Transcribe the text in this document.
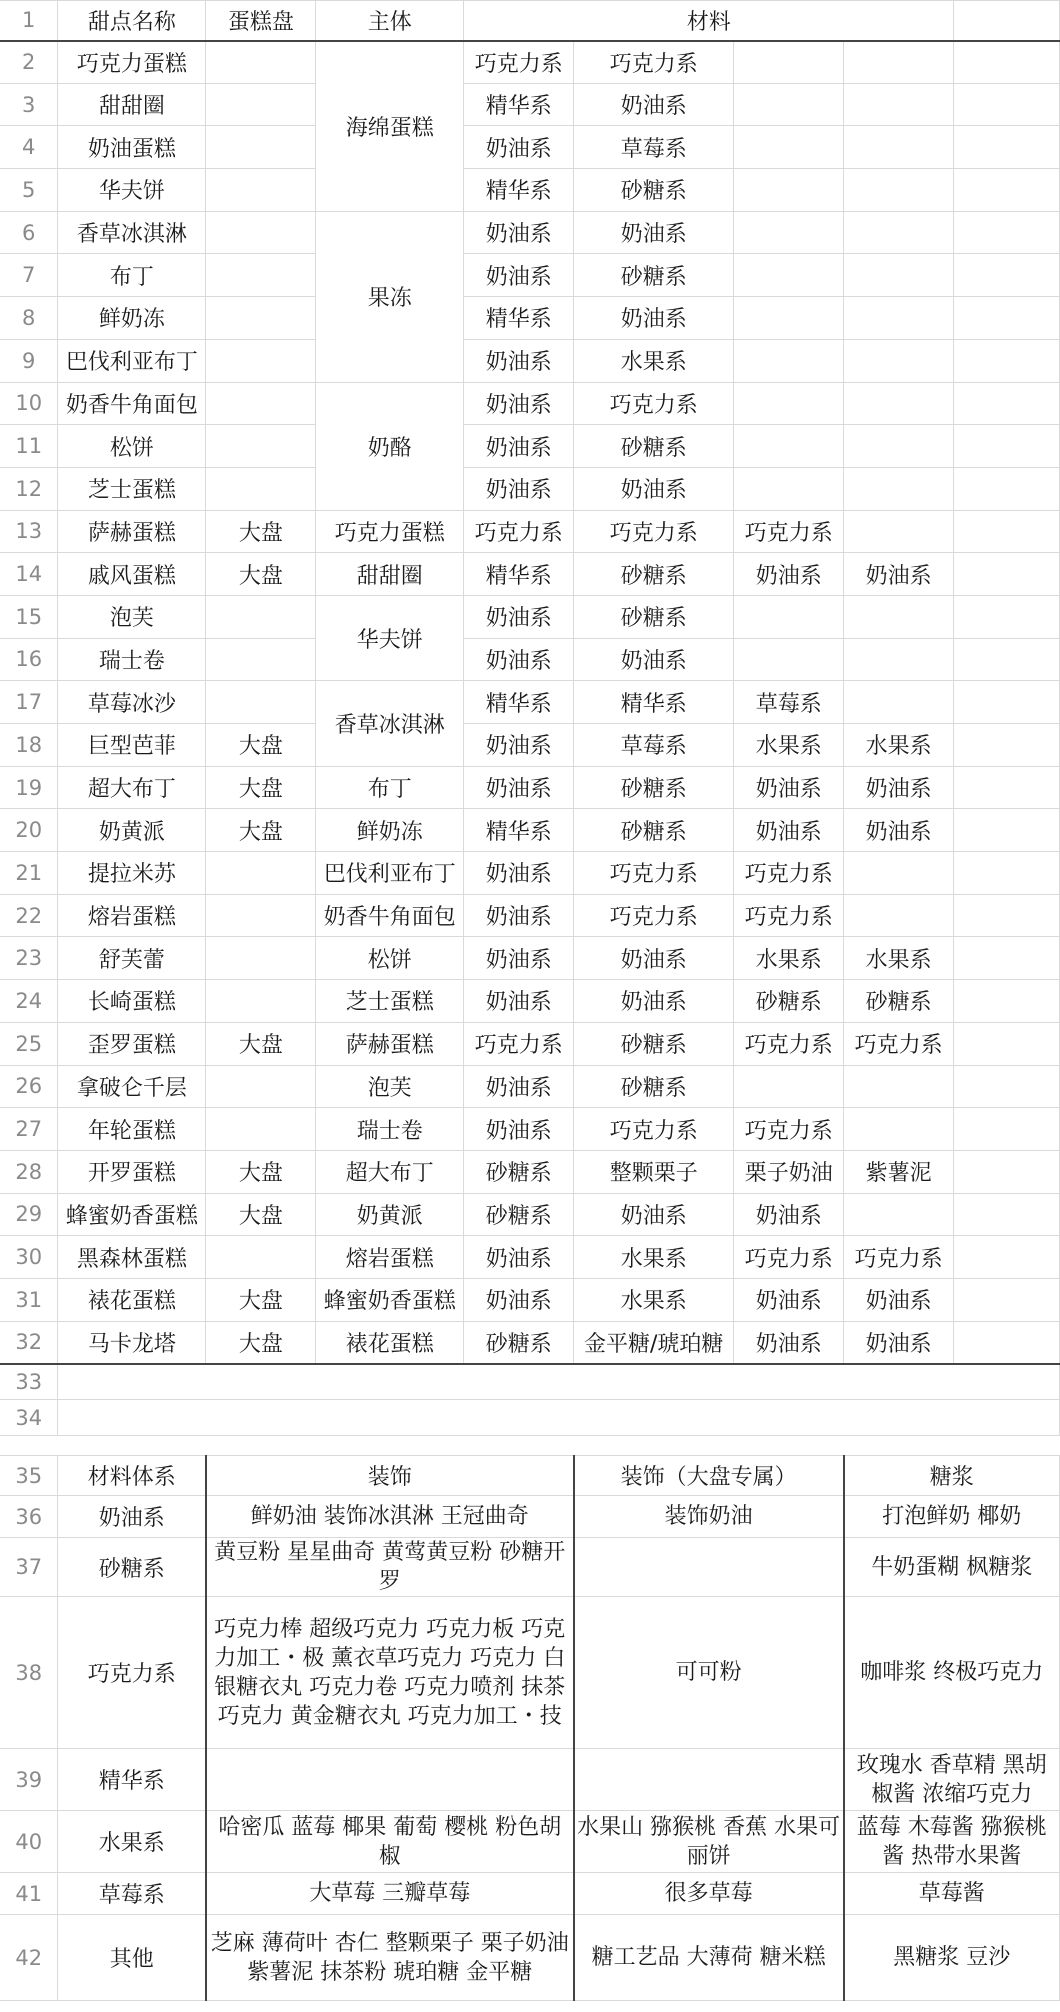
1	甜点名称	蛋糕盘	主体	材料				
2	巧克力蛋糕		海绵蛋糕	巧克力系	巧克力系			
3	甜甜圈			精华系	奶油系			
4	奶油蛋糕			奶油系	草莓系			
5	华夫饼			精华系	砂糖系			
6	香草冰淇淋		果冻	奶油系	奶油系			
7	布丁			奶油系	砂糖系			
8	鲜奶冻			精华系	奶油系			
9	巴伐利亚布丁			奶油系	水果系			
10	奶香牛角面包		奶酪	奶油系	巧克力系			
11	松饼			奶油系	砂糖系			
12	芝士蛋糕			奶油系	奶油系			
13	萨赫蛋糕	大盘	巧克力蛋糕	巧克力系	巧克力系	巧克力系		
14	戚风蛋糕	大盘	甜甜圈	精华系	砂糖系	奶油系	奶油系	
15	泡芙		华夫饼	奶油系	砂糖系			
16	瑞士卷			奶油系	奶油系			
17	草莓冰沙		香草冰淇淋	精华系	精华系	草莓系		
18	巨型芭菲	大盘		奶油系	草莓系	水果系	水果系	
19	超大布丁	大盘	布丁	奶油系	砂糖系	奶油系	奶油系	
20	奶黄派	大盘	鲜奶冻	精华系	砂糖系	奶油系	奶油系	
21	提拉米苏		巴伐利亚布丁	奶油系	巧克力系	巧克力系		
22	熔岩蛋糕		奶香牛角面包	奶油系	巧克力系	巧克力系		
23	舒芙蕾		松饼	奶油系	奶油系	水果系	水果系	
24	长崎蛋糕		芝士蛋糕	奶油系	奶油系	砂糖系	砂糖系	
25	歪罗蛋糕	大盘	萨赫蛋糕	巧克力系	砂糖系	巧克力系	巧克力系	
26	拿破仑千层		泡芙	奶油系	砂糖系			
27	年轮蛋糕		瑞士卷	奶油系	巧克力系	巧克力系		
28	开罗蛋糕	大盘	超大布丁	砂糖系	整颗栗子	栗子奶油	紫薯泥	
29	蜂蜜奶香蛋糕	大盘	奶黄派	砂糖系	奶油系	奶油系		
30	黑森林蛋糕		熔岩蛋糕	奶油系	水果系	巧克力系	巧克力系	
31	裱花蛋糕	大盘	蜂蜜奶香蛋糕	奶油系	水果系	奶油系	奶油系	
32	马卡龙塔	大盘	裱花蛋糕	砂糖系	金平糖/琥珀糖	奶油系	奶油系	
33								
34								
35	材料体系	装饰	装饰（大盘专属）	糖浆
36	奶油系	鲜奶油 装饰冰淇淋 王冠曲奇	装饰奶油	打泡鲜奶 椰奶
37	砂糖系	黄豆粉 星星曲奇 黄莺黄豆粉 砂糖开罗		牛奶蛋糊 枫糖浆
38	巧克力系	巧克力棒 超级巧克力 巧克力板 巧克力加工・极 薰衣草巧克力 巧克力 白银糖衣丸 巧克力卷 巧克力喷剂 抹茶巧克力 黄金糖衣丸 巧克力加工・技	可可粉	咖啡浆 终极巧克力
39	精华系			玫瑰水 香草精 黑胡椒酱 浓缩巧克力
40	水果系	哈密瓜 蓝莓 椰果 葡萄 樱桃 粉色胡椒	水果山 猕猴桃 香蕉 水果可丽饼	蓝莓 木莓酱 猕猴桃酱 热带水果酱
41	草莓系	大草莓 三瓣草莓	很多草莓	草莓酱
42	其他	芝麻 薄荷叶 杏仁 整颗栗子 栗子奶油 紫薯泥 抹茶粉 琥珀糖 金平糖	糖工艺品 大薄荷 糖米糕	黑糖浆 豆沙
